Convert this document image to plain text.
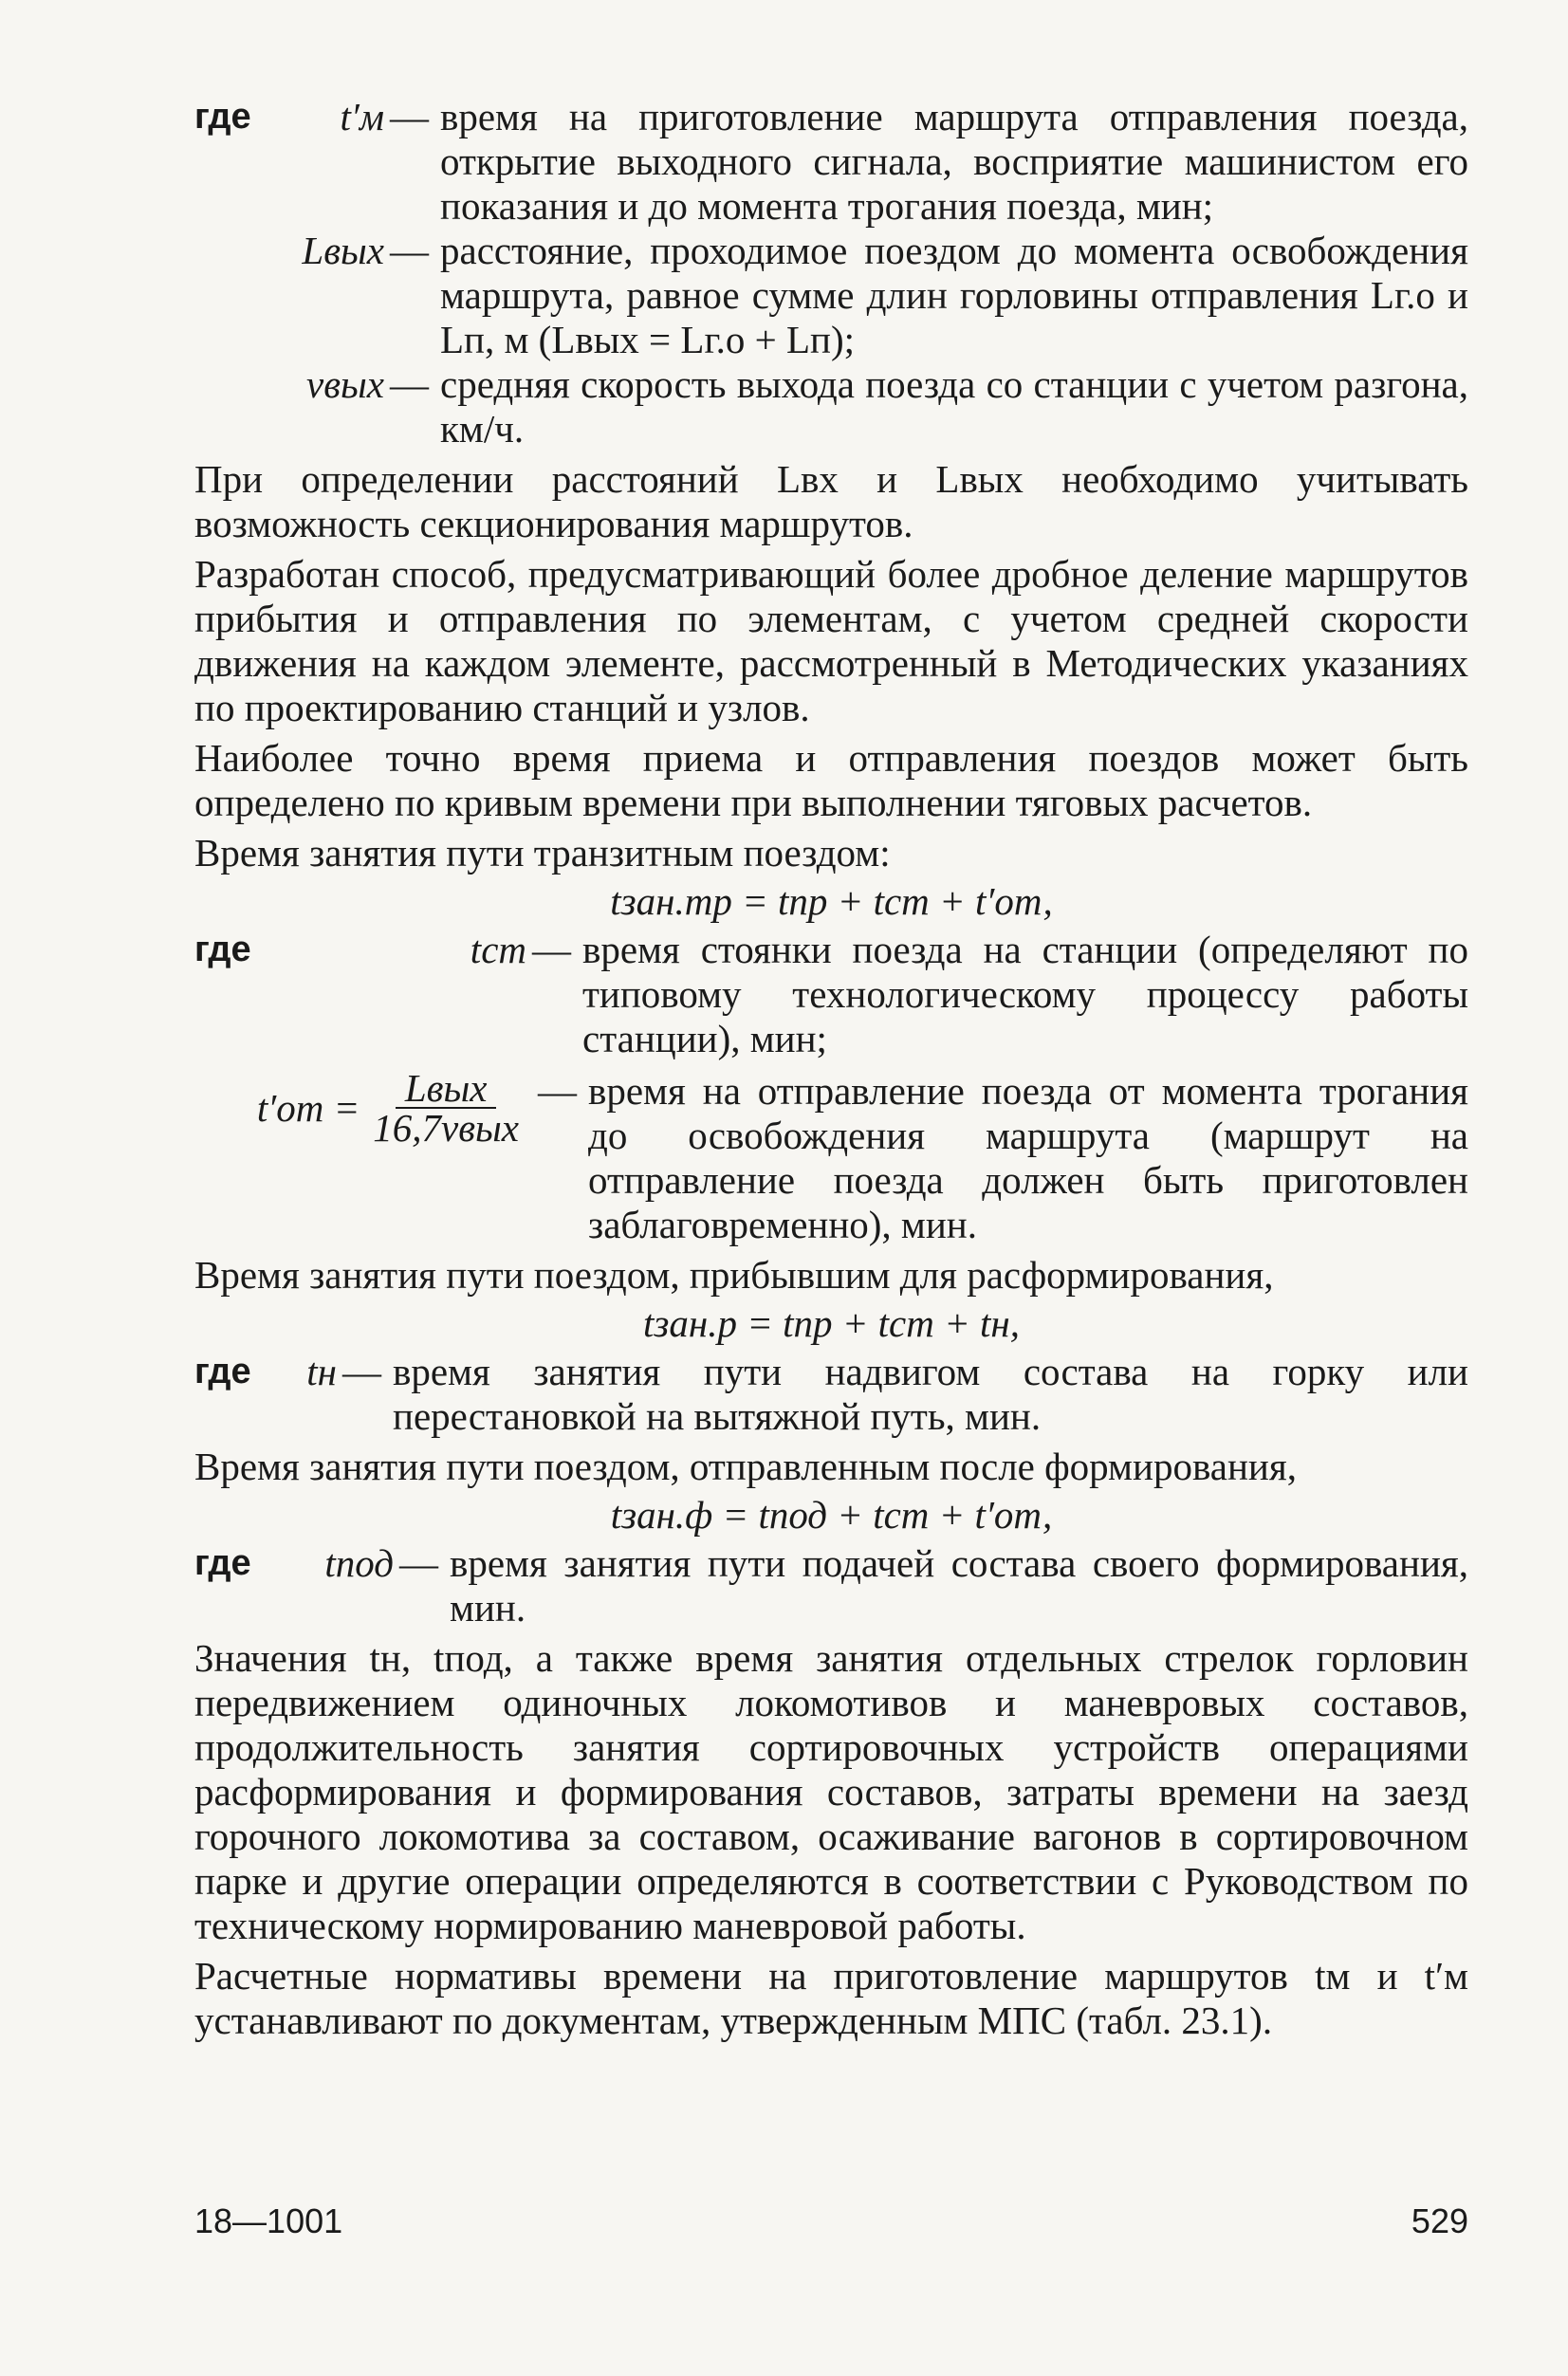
где	t′м — время на приготовление маршрута отправления поезда, открытие выходного сигнала, восприятие машинистом его показания и до момента трогания поезда, мин;
Lвых — расстояние, проходимое поездом до момента освобождения маршрута, равное сумме длин горловины отправления Lг.о и Lп, м (Lвых = Lг.о + Lп);
vвых — средняя скорость выхода поезда со станции с учетом разгона, км/ч.

При определении расстояний Lвх и Lвых необходимо учитывать возможность секционирования маршрутов.

Разработан способ, предусматривающий более дробное деление маршрутов прибытия и отправления по элементам, с учетом средней скорости движения на каждом элементе, рассмотренный в Методических указаниях по проектированию станций и узлов.

Наиболее точно время приема и отправления поездов может быть определено по кривым времени при выполнении тяговых расчетов.

Время занятия пути транзитным поездом:

tзан.тр = tпр + tст + t′от,
где	tст — время стоянки поезда на станции (определяют по типовому технологическому процессу работы станции), мин;
$t'от = \frac{\text{Lвых}}{\text{16,7vвых}}$ — время на отправление поезда от момента трогания до освобождения маршрута (маршрут на отправление поезда должен быть приготовлен заблаговременно), мин.

Время занятия пути поездом, прибывшим для расформирования,

tзан.р = tпр + tст + tн,
где	tн — время занятия пути надвигом состава на горку или перестановкой на вытяжной путь, мин.

Время занятия пути поездом, отправленным после формирования,

tзан.ф = tпод + tст + t′от,
где	tпод — время занятия пути подачей состава своего формирования, мин.

Значения tн, tпод, а также время занятия отдельных стрелок горловин передвижением одиночных локомотивов и маневровых составов, продолжительность занятия сортировочных устройств операциями расформирования и формирования составов, затраты времени на заезд горочного локомотива за составом, осаживание вагонов в сортировочном парке и другие операции определяются в соответствии с Руководством по техническому нормированию маневровой работы.

Расчетные нормативы времени на приготовление маршрутов tм и t′м устанавливают по документам, утвержденным МПС (табл. 23.1).

18—1001	529
